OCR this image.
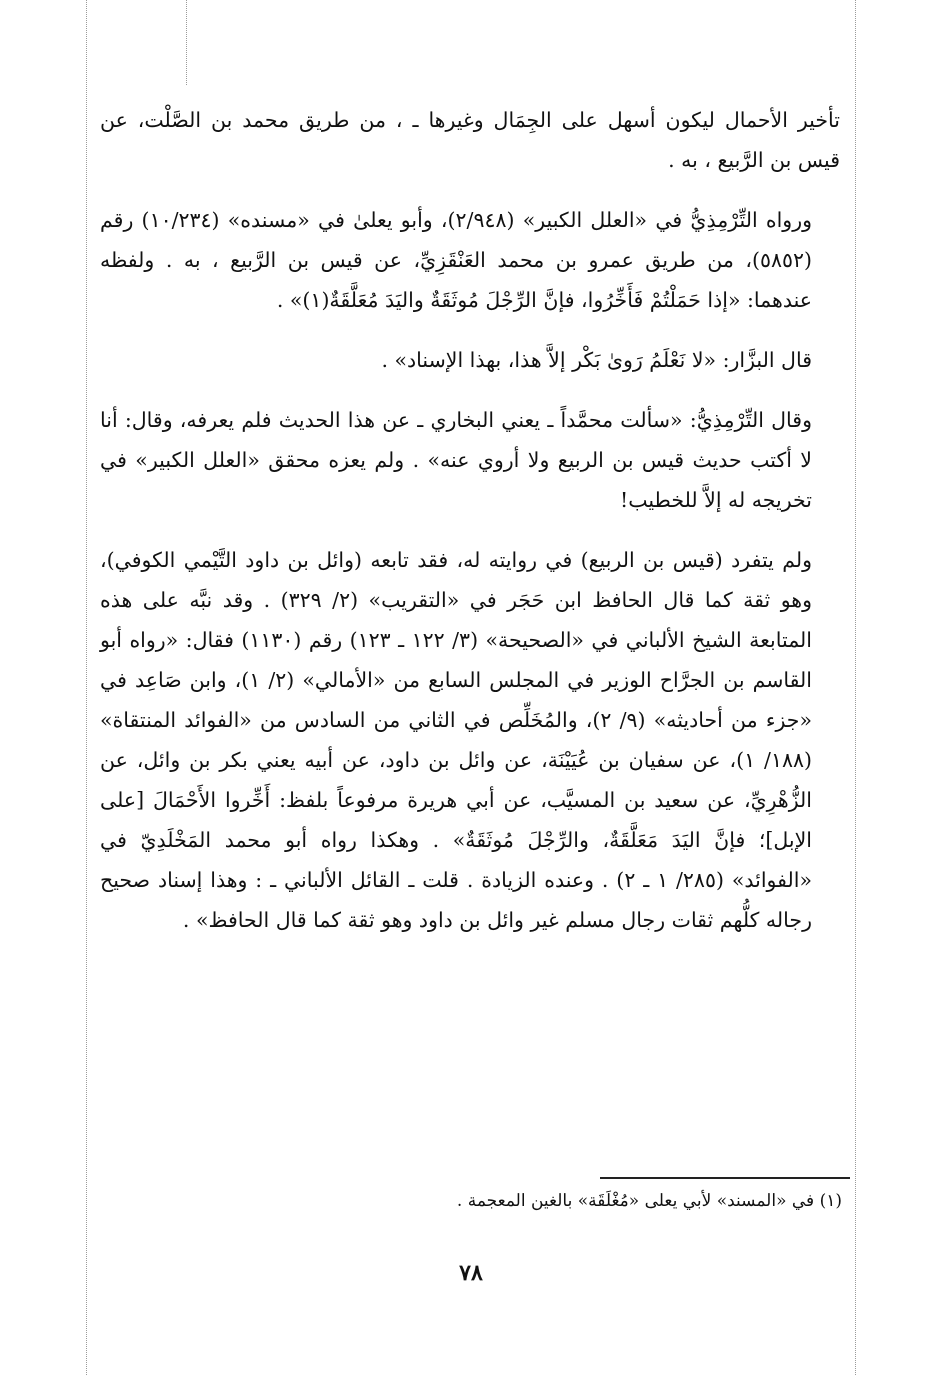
تأخير الأحمال ليكون أسهل على الجِمَال وغيرها ـ ، من طريق محمد بن الصَّلْت، عن قيس بن الرَّبيع ، به .

ورواه التِّرْمِذِيُّ في «العلل الكبير» (٢/٩٤٨)، وأبو يعلىٰ في «مسنده» (١٠/٢٣٤) رقم (٥٨٥٢)، من طريق عمرو بن محمد العَنْقَزِيِّ، عن قيس بن الرَّبيع ، به . ولفظه عندهما: «إذا حَمَلْتُمْ فَأَخِّرُوا، فإنَّ الرِّجْلَ مُوثَقَةٌ واليَدَ مُعَلَّقَةٌ(١)» .

قال البزَّار: «لا نَعْلَمُ رَوىٰ بَكْر إلاَّ هذا، بهذا الإسناد» .

وقال التِّرْمِذِيُّ: «سألت محمَّداً ـ يعني البخاري ـ عن هذا الحديث فلم يعرفه، وقال: أنا لا أكتب حديث قيس بن الربيع ولا أروي عنه» . ولم يعزه محقق «العلل الكبير» في تخريجه له إلاَّ للخطيب!

ولم يتفرد (قيس بن الربيع) في روايته له، فقد تابعه (وائل بن داود التَّيْمي الكوفي)، وهو ثقة كما قال الحافظ ابن حَجَر في «التقريب» (٢/ ٣٢٩) . وقد نبَّه على هذه المتابعة الشيخ الألباني في «الصحيحة» (٣/ ١٢٢ ـ ١٢٣) رقم (١١٣٠) فقال: «رواه أبو القاسم بن الجرَّاح الوزير في المجلس السابع من «الأمالي» (٢/ ١)، وابن صَاعِد في «جزء من أحاديثه» (٩/ ٢)، والمُخَلِّص في الثاني من السادس من «الفوائد المنتقاة» (١٨٨/ ١)، عن سفيان بن عُيَيْنَة، عن وائل بن داود، عن أبيه يعني بكر بن وائل، عن الزُّهْرِيِّ، عن سعيد بن المسيَّب، عن أبي هريرة مرفوعاً بلفظ: أَخِّروا الأَحْمَالَ [على الإبل]؛ فإنَّ اليَدَ مَعَلَّقَةٌ، والرِّجْلَ مُوثَقَةٌ» . وهكذا رواه أبو محمد المَخْلَدِيّ في «الفوائد» (٢٨٥/ ١ ـ ٢) . وعنده الزيادة . قلت ـ القائل الألباني ـ : وهذا إسناد صحيح رجاله كلُّهم ثقات رجال مسلم غير وائل بن داود وهو ثقة كما قال الحافظ» .

(١) في «المسند» لأبي يعلى «مُغْلَقَة» بالغين المعجمة .
٧٨
